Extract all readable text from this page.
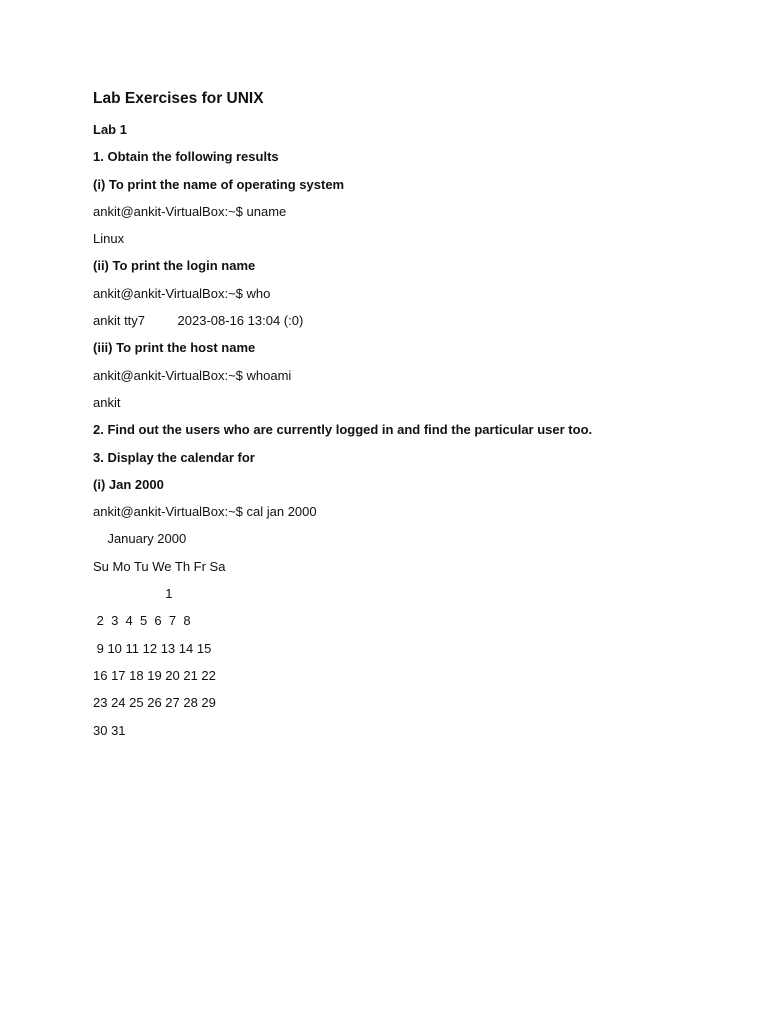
Lab Exercises for UNIX
Lab 1
1. Obtain the following results
(i) To print the name of operating system
ankit@ankit-VirtualBox:~$ uname
Linux
(ii) To print the login name
ankit@ankit-VirtualBox:~$ who
ankit tty7         2023-08-16 13:04 (:0)
(iii) To print the host name
ankit@ankit-VirtualBox:~$ whoami
ankit
2. Find out the users who are currently logged in and find the particular user too.
3. Display the calendar for
(i) Jan 2000
ankit@ankit-VirtualBox:~$ cal jan 2000
January 2000
Su Mo Tu We Th Fr Sa
1
2  3  4  5  6  7  8
9 10 11 12 13 14 15
16 17 18 19 20 21 22
23 24 25 26 27 28 29
30 31
